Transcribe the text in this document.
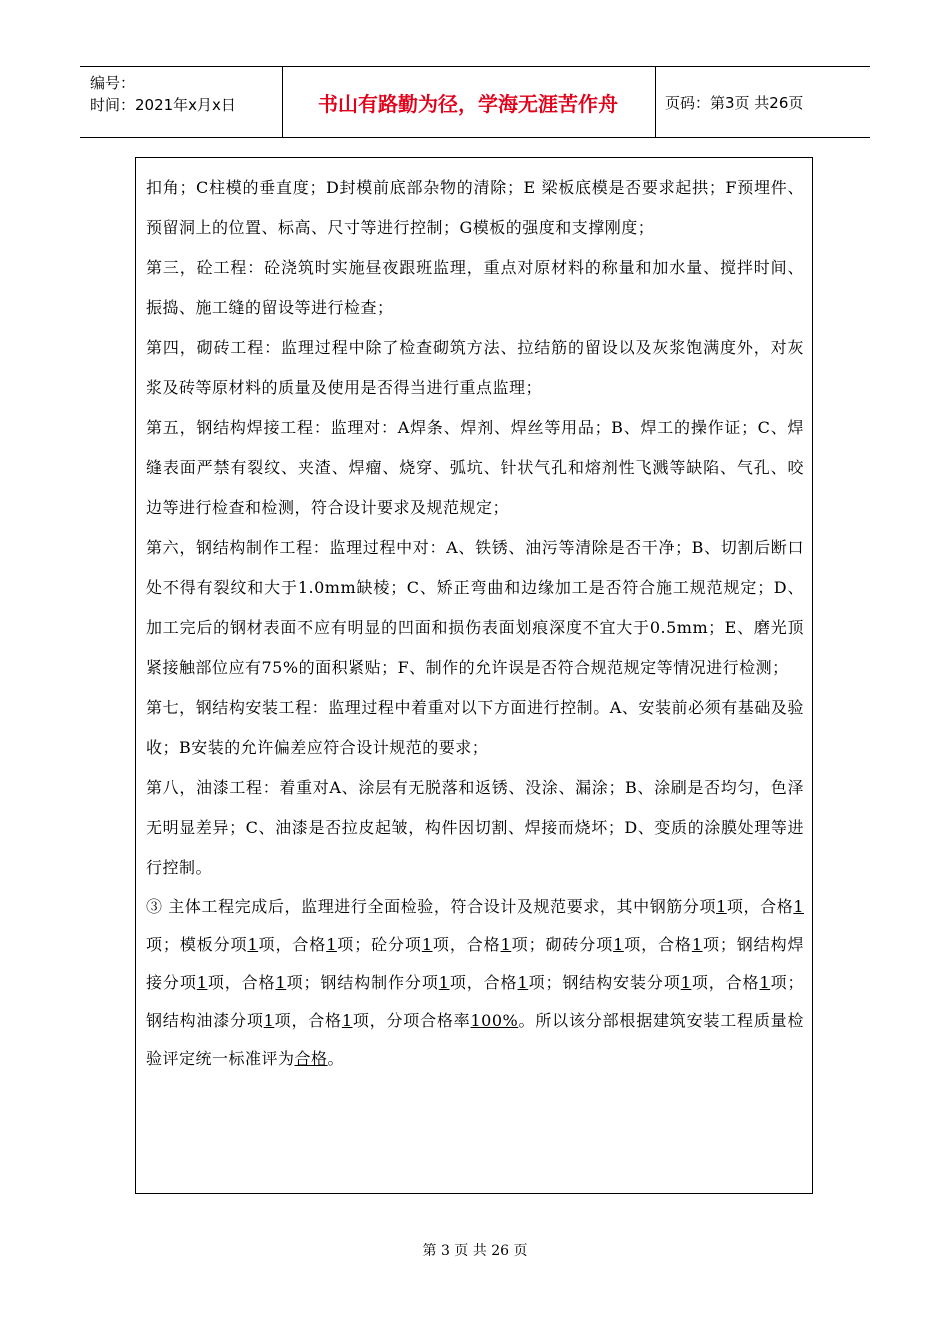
编号：
时间：2021年x月x日	书山有路勤为径，学海无涯苦作舟	页码：第3页 共26页

扣角；C柱模的垂直度；D封模前底部杂物的清除；E 梁板底模是否要求起拱；F预埋件、预留洞上的位置、标高、尺寸等进行控制；G模板的强度和支撑刚度；

第三，砼工程：砼浇筑时实施昼夜跟班监理，重点对原材料的称量和加水量、搅拌时间、振捣、施工缝的留设等进行检查；

第四，砌砖工程：监理过程中除了检查砌筑方法、拉结筋的留设以及灰浆饱满度外，对灰浆及砖等原材料的质量及使用是否得当进行重点监理；

第五，钢结构焊接工程：监理对：A焊条、焊剂、焊丝等用品；B、焊工的操作证；C、焊缝表面严禁有裂纹、夹渣、焊瘤、烧穿、弧坑、针状气孔和熔剂性飞溅等缺陷、气孔、咬边等进行检查和检测，符合设计要求及规范规定；

第六，钢结构制作工程：监理过程中对：A、铁锈、油污等清除是否干净；B、切割后断口处不得有裂纹和大于1.0mm缺棱；C、矫正弯曲和边缘加工是否符合施工规范规定；D、加工完后的钢材表面不应有明显的凹面和损伤表面划痕深度不宜大于0.5mm；E、磨光顶紧接触部位应有75%的面积紧贴；F、制作的允许误是否符合规范规定等情况进行检测；

第七，钢结构安装工程：监理过程中着重对以下方面进行控制。A、安装前必须有基础及验收；B安装的允许偏差应符合设计规范的要求；

第八，油漆工程：着重对A、涂层有无脱落和返锈、没涂、漏涂；B、涂刷是否均匀，色泽无明显差异；C、油漆是否拉皮起皱，构件因切割、焊接而烧坏；D、变质的涂膜处理等进行控制。

③ 主体工程完成后，监理进行全面检验，符合设计及规范要求，其中钢筋分项1项，合格1项；模板分项1项，合格1项；砼分项1项，合格1项；砌砖分项1项，合格1项；钢结构焊接分项1项，合格1项；钢结构制作分项1项，合格1项；钢结构安装分项1项，合格1项；钢结构油漆分项1项，合格1项，分项合格率100%。所以该分部根据建筑安装工程质量检验评定统一标准评为合格。

第 3 页 共 26 页
